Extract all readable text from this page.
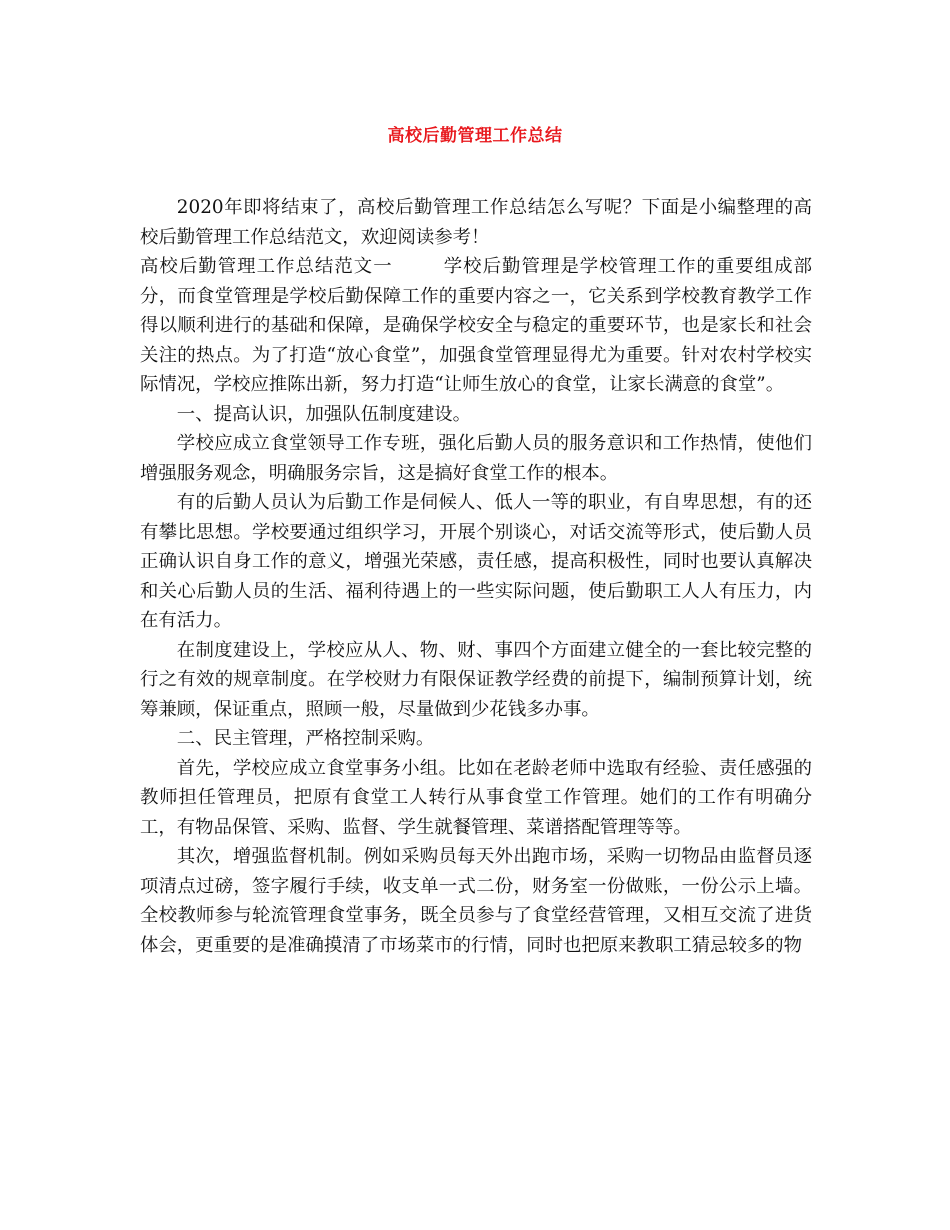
高校后勤管理工作总结

2020年即将结束了，高校后勤管理工作总结怎么写呢？下面是小编整理的高校后勤管理工作总结范文，欢迎阅读参考！

高校后勤管理工作总结范文一	学校后勤管理是学校管理工作的重要组成部分，而食堂管理是学校后勤保障工作的重要内容之一，它关系到学校教育教学工作得以顺利进行的基础和保障，是确保学校安全与稳定的重要环节，也是家长和社会关注的热点。为了打造“放心食堂”，加强食堂管理显得尤为重要。针对农村学校实际情况，学校应推陈出新，努力打造“让师生放心的食堂，让家长满意的食堂”。

一、提高认识，加强队伍制度建设。

学校应成立食堂领导工作专班，强化后勤人员的服务意识和工作热情，使他们增强服务观念，明确服务宗旨，这是搞好食堂工作的根本。

有的后勤人员认为后勤工作是伺候人、低人一等的职业，有自卑思想，有的还有攀比思想。学校要通过组织学习，开展个别谈心，对话交流等形式，使后勤人员正确认识自身工作的意义，增强光荣感，责任感，提高积极性，同时也要认真解决和关心后勤人员的生活、福利待遇上的一些实际问题，使后勤职工人人有压力，内在有活力。

在制度建设上，学校应从人、物、财、事四个方面建立健全的一套比较完整的行之有效的规章制度。在学校财力有限保证教学经费的前提下，编制预算计划，统筹兼顾，保证重点，照顾一般，尽量做到少花钱多办事。

二、民主管理，严格控制采购。

首先，学校应成立食堂事务小组。比如在老龄老师中选取有经验、责任感强的教师担任管理员，把原有食堂工人转行从事食堂工作管理。她们的工作有明确分工，有物品保管、采购、监督、学生就餐管理、菜谱搭配管理等等。

其次，增强监督机制。例如采购员每天外出跑市场，采购一切物品由监督员逐项清点过磅，签字履行手续，收支单一式二份，财务室一份做账，一份公示上墙。全校教师参与轮流管理食堂事务，既全员参与了食堂经营管理，又相互交流了进货体会，更重要的是准确摸清了市场菜市的行情，同时也把原来教职工猜忌较多的物
